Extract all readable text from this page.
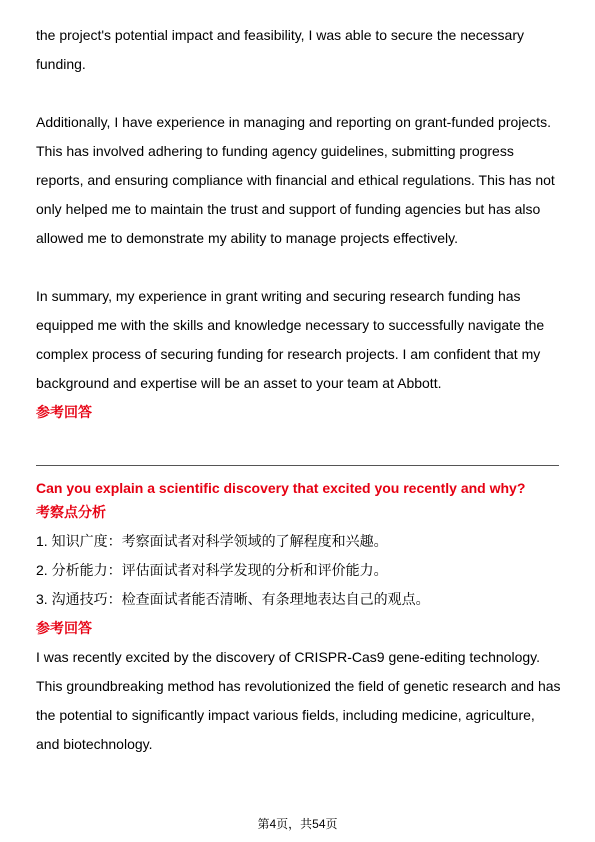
the project's potential impact and feasibility, I was able to secure the necessary funding.

Additionally, I have experience in managing and reporting on grant-funded projects. This has involved adhering to funding agency guidelines, submitting progress reports, and ensuring compliance with financial and ethical regulations. This has not only helped me to maintain the trust and support of funding agencies but has also allowed me to demonstrate my ability to manage projects effectively.

In summary, my experience in grant writing and securing research funding has equipped me with the skills and knowledge necessary to successfully navigate the complex process of securing funding for research projects. I am confident that my background and expertise will be an asset to your team at Abbott.

参考回答

Can you explain a scientific discovery that excited you recently and why?

考察点分析

1. 知识广度：考察面试者对科学领域的了解程度和兴趣。
2. 分析能力：评估面试者对科学发现的分析和评价能力。
3. 沟通技巧：检查面试者能否清晰、有条理地表达自己的观点。

参考回答

I was recently excited by the discovery of CRISPR-Cas9 gene-editing technology. This groundbreaking method has revolutionized the field of genetic research and has the potential to significantly impact various fields, including medicine, agriculture, and biotechnology.

第4页，共54页
